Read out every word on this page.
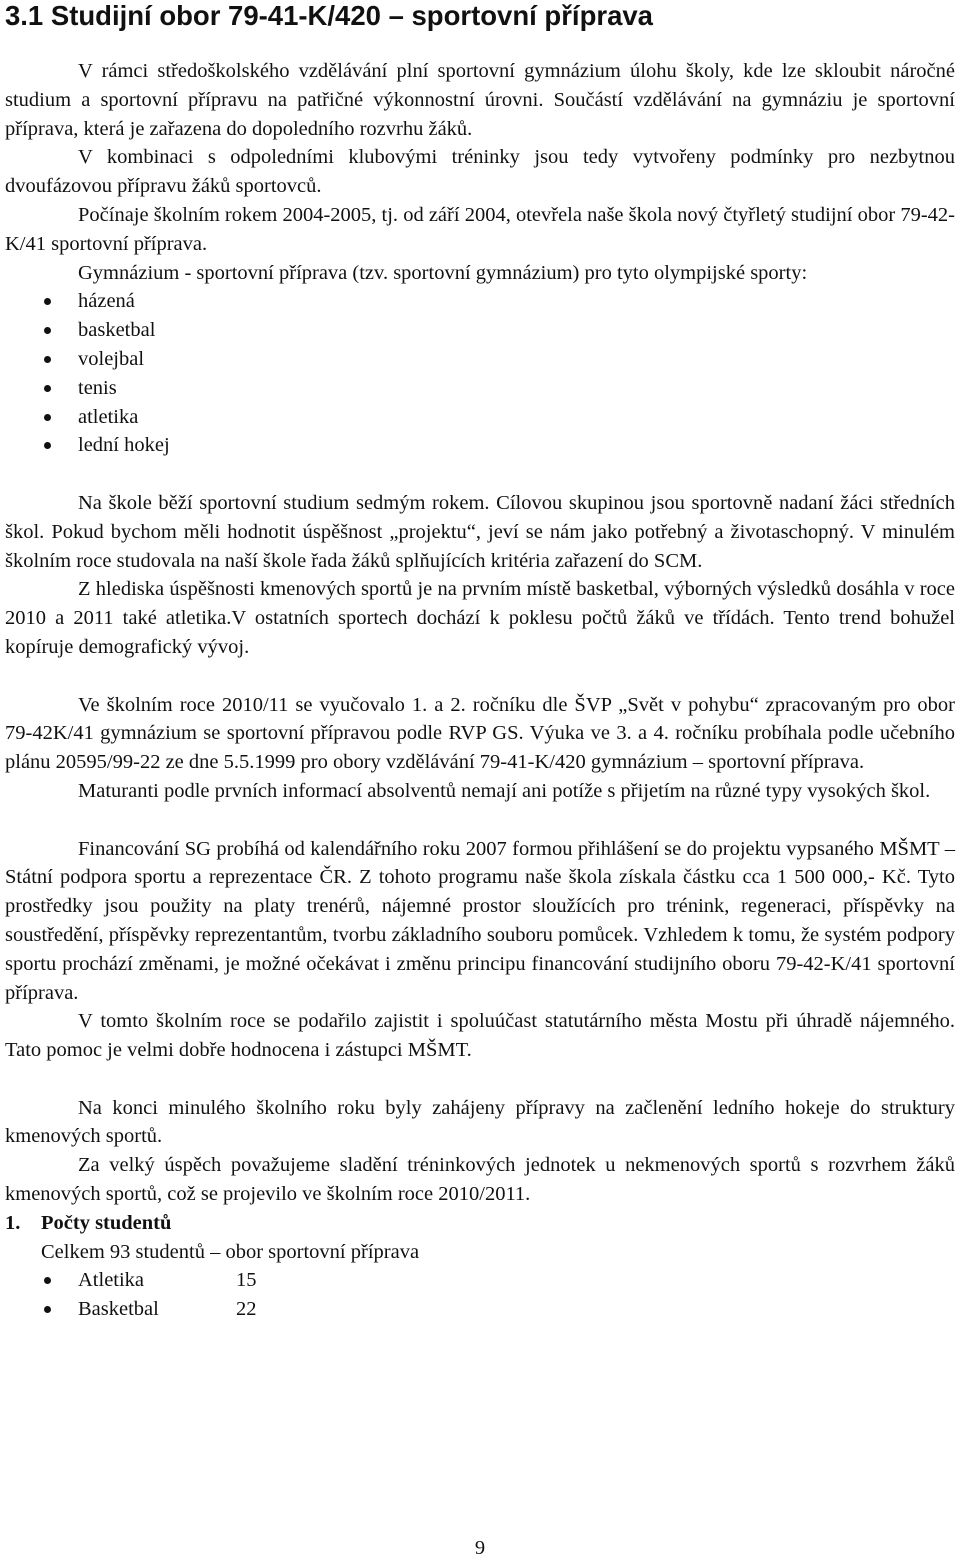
3.1 Studijní obor 79-41-K/420 – sportovní příprava

V rámci středoškolského vzdělávání plní sportovní gymnázium úlohu školy, kde lze skloubit náročné studium a sportovní přípravu na patřičné výkonnostní úrovni. Součástí vzdělávání na gymnáziu je sportovní příprava, která je zařazena do dopoledního rozvrhu žáků.

V kombinaci s odpoledními klubovými tréninky jsou tedy vytvořeny podmínky pro nezbytnou dvoufázovou přípravu žáků sportovců.

Počínaje školním rokem 2004-2005, tj. od září 2004, otevřela naše škola nový čtyřletý studijní obor 79-42-K/41 sportovní příprava.

Gymnázium - sportovní příprava (tzv. sportovní gymnázium) pro tyto olympijské sporty:

házená
basketbal
volejbal
tenis
atletika
lední hokej

Na škole běží sportovní studium sedmým rokem. Cílovou skupinou jsou sportovně nadaní žáci středních škol. Pokud bychom měli hodnotit úspěšnost „projektu“, jeví se nám jako potřebný a životaschopný. V minulém školním roce studovala na naší škole řada žáků splňujících kritéria zařazení do SCM.

Z hlediska úspěšnosti kmenových sportů je na prvním místě basketbal, výborných výsledků dosáhla v roce 2010 a 2011 také atletika.V ostatních sportech dochází k poklesu počtů žáků ve třídách. Tento trend bohužel kopíruje demografický vývoj.

Ve školním roce 2010/11 se vyučovalo 1. a 2. ročníku dle ŠVP „Svět v pohybu“ zpracovaným pro obor 79-42K/41 gymnázium se sportovní přípravou podle RVP GS. Výuka ve 3. a 4. ročníku probíhala podle učebního plánu 20595/99-22 ze dne 5.5.1999 pro obory vzdělávání 79-41-K/420 gymnázium – sportovní příprava.

Maturanti podle prvních informací absolventů nemají ani potíže s přijetím na různé typy vysokých škol.

Financování SG probíhá od kalendářního roku 2007 formou přihlášení se do projektu vypsaného MŠMT – Státní podpora sportu a reprezentace ČR. Z tohoto programu naše škola získala částku cca 1 500 000,- Kč. Tyto prostředky jsou použity na platy trenérů, nájemné prostor sloužících pro trénink, regeneraci, příspěvky na soustředění, příspěvky reprezentantům, tvorbu základního souboru pomůcek. Vzhledem k tomu, že systém podpory sportu prochází změnami, je možné očekávat i změnu principu financování studijního oboru 79-42-K/41 sportovní příprava.

V tomto školním roce se podařilo zajistit i spoluúčast statutárního města Mostu při úhradě nájemného. Tato pomoc je velmi dobře hodnocena i zástupci MŠMT.

Na konci minulého školního roku byly zahájeny přípravy na začlenění ledního hokeje do struktury kmenových sportů.

Za velký úspěch považujeme sladění tréninkových jednotek u nekmenových sportů s rozvrhem žáků kmenových sportů, což se projevilo ve školním roce 2010/2011.

1. Počty studentů
Celkem 93 studentů – obor sportovní příprava
Atletika	15
Basketbal	22
9
